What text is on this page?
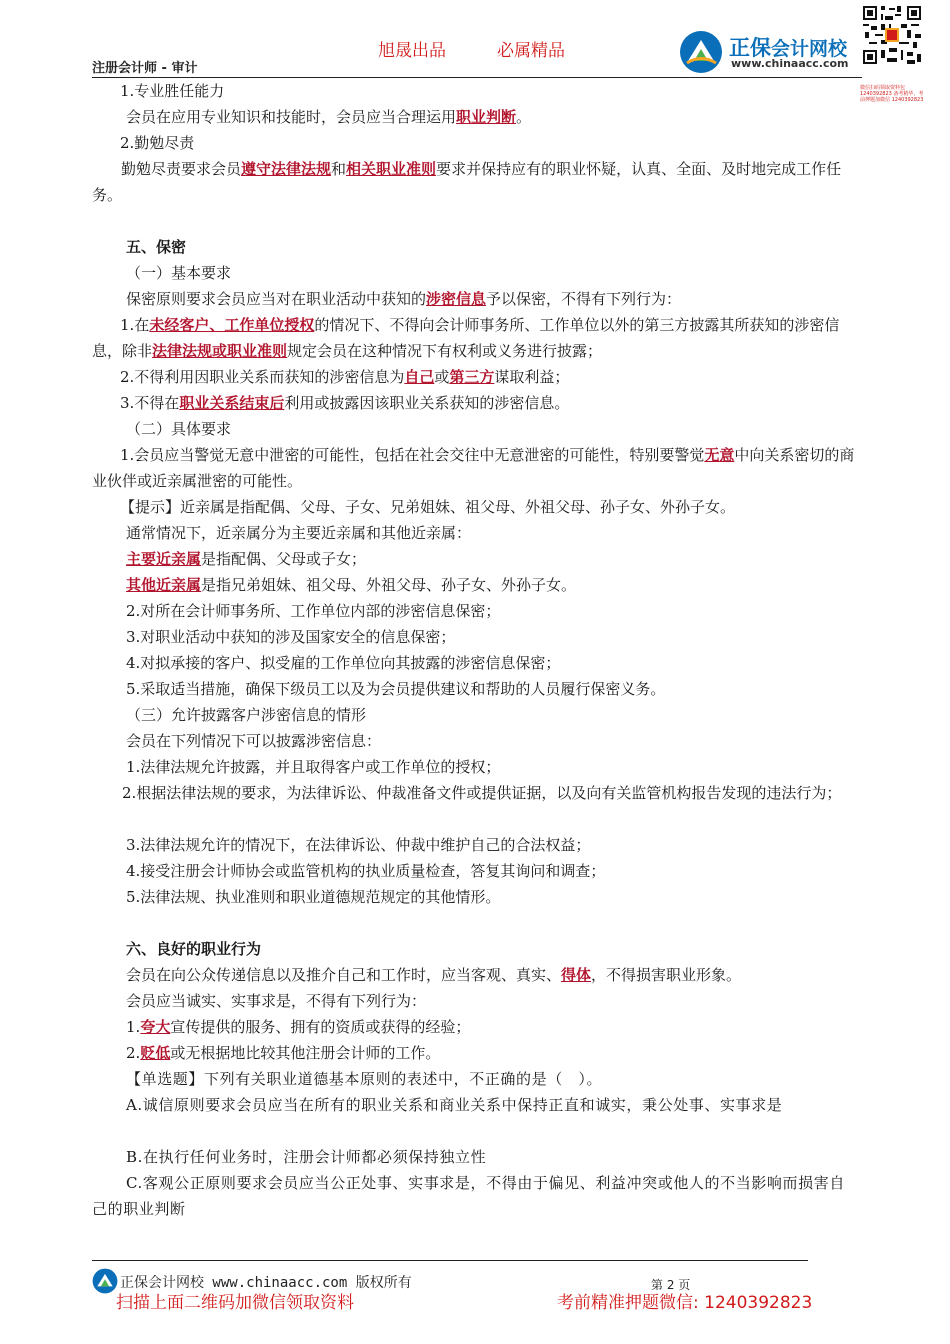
旭晟出品	必属精品
注册会计师 - 审计
正保会计网校
www.chinaacc.com
微信扫码领取资料包 1240392823 备考精华，考前押题加微信 1240392823
1.专业胜任能力
会员在应用专业知识和技能时，会员应当合理运用职业判断。
2.勤勉尽责
勤勉尽责要求会员遵守法律法规和相关职业准则要求并保持应有的职业怀疑，认真、全面、及时地完成工作任务。
五、保密
（一）基本要求
保密原则要求会员应当对在职业活动中获知的涉密信息予以保密，不得有下列行为：
1.在未经客户、工作单位授权的情况下、不得向会计师事务所、工作单位以外的第三方披露其所获知的涉密信息，除非法律法规或职业准则规定会员在这种情况下有权利或义务进行披露；
2.不得利用因职业关系而获知的涉密信息为自己或第三方谋取利益；
3.不得在职业关系结束后利用或披露因该职业关系获知的涉密信息。
（二）具体要求
1.会员应当警觉无意中泄密的可能性，包括在社会交往中无意泄密的可能性，特别要警觉无意中向关系密切的商业伙伴或近亲属泄密的可能性。
【提示】近亲属是指配偶、父母、子女、兄弟姐妹、祖父母、外祖父母、孙子女、外孙子女。
通常情况下，近亲属分为主要近亲属和其他近亲属：
主要近亲属是指配偶、父母或子女；
其他近亲属是指兄弟姐妹、祖父母、外祖父母、孙子女、外孙子女。
2.对所在会计师事务所、工作单位内部的涉密信息保密；
3.对职业活动中获知的涉及国家安全的信息保密；
4.对拟承接的客户、拟受雇的工作单位向其披露的涉密信息保密；
5.采取适当措施，确保下级员工以及为会员提供建议和帮助的人员履行保密义务。
（三）允许披露客户涉密信息的情形
会员在下列情况下可以披露涉密信息：
1.法律法规允许披露，并且取得客户或工作单位的授权；
2.根据法律法规的要求，为法律诉讼、仲裁准备文件或提供证据，以及向有关监管机构报告发现的违法行为；
3.法律法规允许的情况下，在法律诉讼、仲裁中维护自己的合法权益；
4.接受注册会计师协会或监管机构的执业质量检查，答复其询问和调查；
5.法律法规、执业准则和职业道德规范规定的其他情形。
六、良好的职业行为
会员在向公众传递信息以及推介自己和工作时，应当客观、真实、得体，不得损害职业形象。
会员应当诚实、实事求是，不得有下列行为：
1.夸大宣传提供的服务、拥有的资质或获得的经验；
2.贬低或无根据地比较其他注册会计师的工作。
【单选题】下列有关职业道德基本原则的表述中，不正确的是（　）。
A.诚信原则要求会员应当在所有的职业关系和商业关系中保持正直和诚实，秉公处事、实事求是
B.在执行任何业务时，注册会计师都必须保持独立性
C.客观公正原则要求会员应当公正处事、实事求是，不得由于偏见、利益冲突或他人的不当影响而损害自己的职业判断
正保会计网校 www.chinaacc.com 版权所有	第 2 页
扫描上面二维码加微信领取资料	考前精准押题微信: 1240392823
